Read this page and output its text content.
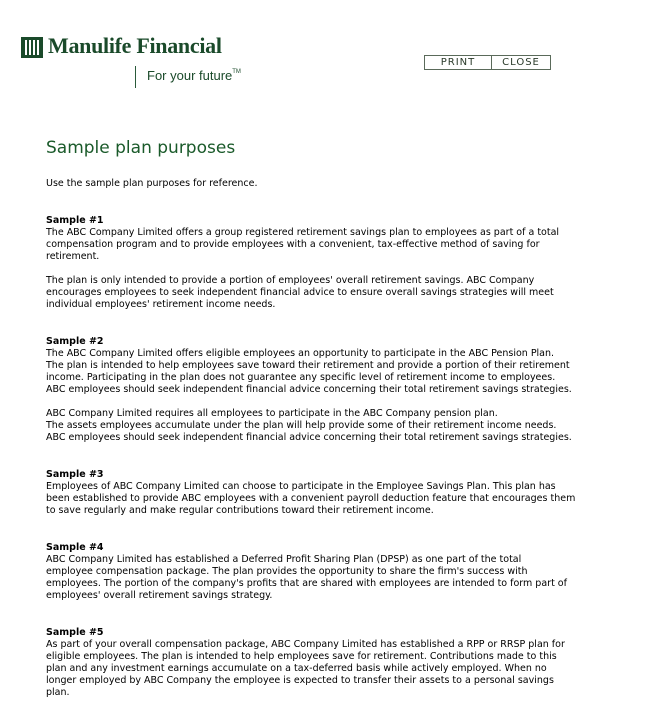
Manulife Financial
For your future™
PRINT	CLOSE
Sample plan purposes

Use the sample plan purposes for reference.

Sample #1

The ABC Company Limited offers a group registered retirement savings plan to employees as part of a total
compensation program and to provide employees with a convenient, tax-effective method of saving for
retirement.

The plan is only intended to provide a portion of employees' overall retirement savings. ABC Company
encourages employees to seek independent financial advice to ensure overall savings strategies will meet
individual employees' retirement income needs.

Sample #2

The ABC Company Limited offers eligible employees an opportunity to participate in the ABC Pension Plan.
The plan is intended to help employees save toward their retirement and provide a portion of their retirement
income. Participating in the plan does not guarantee any specific level of retirement income to employees.
ABC employees should seek independent financial advice concerning their total retirement savings strategies.

ABC Company Limited requires all employees to participate in the ABC Company pension plan.
The assets employees accumulate under the plan will help provide some of their retirement income needs.
ABC employees should seek independent financial advice concerning their total retirement savings strategies.

Sample #3

Employees of ABC Company Limited can choose to participate in the Employee Savings Plan. This plan has
been established to provide ABC employees with a convenient payroll deduction feature that encourages them
to save regularly and make regular contributions toward their retirement income.

Sample #4

ABC Company Limited has established a Deferred Profit Sharing Plan (DPSP) as one part of the total
employee compensation package. The plan provides the opportunity to share the firm's success with
employees. The portion of the company's profits that are shared with employees are intended to form part of
employees' overall retirement savings strategy.

Sample #5

As part of your overall compensation package, ABC Company Limited has established a RPP or RRSP plan for
eligible employees. The plan is intended to help employees save for retirement. Contributions made to this
plan and any investment earnings accumulate on a tax-deferred basis while actively employed. When no
longer employed by ABC Company the employee is expected to transfer their assets to a personal savings
plan.
